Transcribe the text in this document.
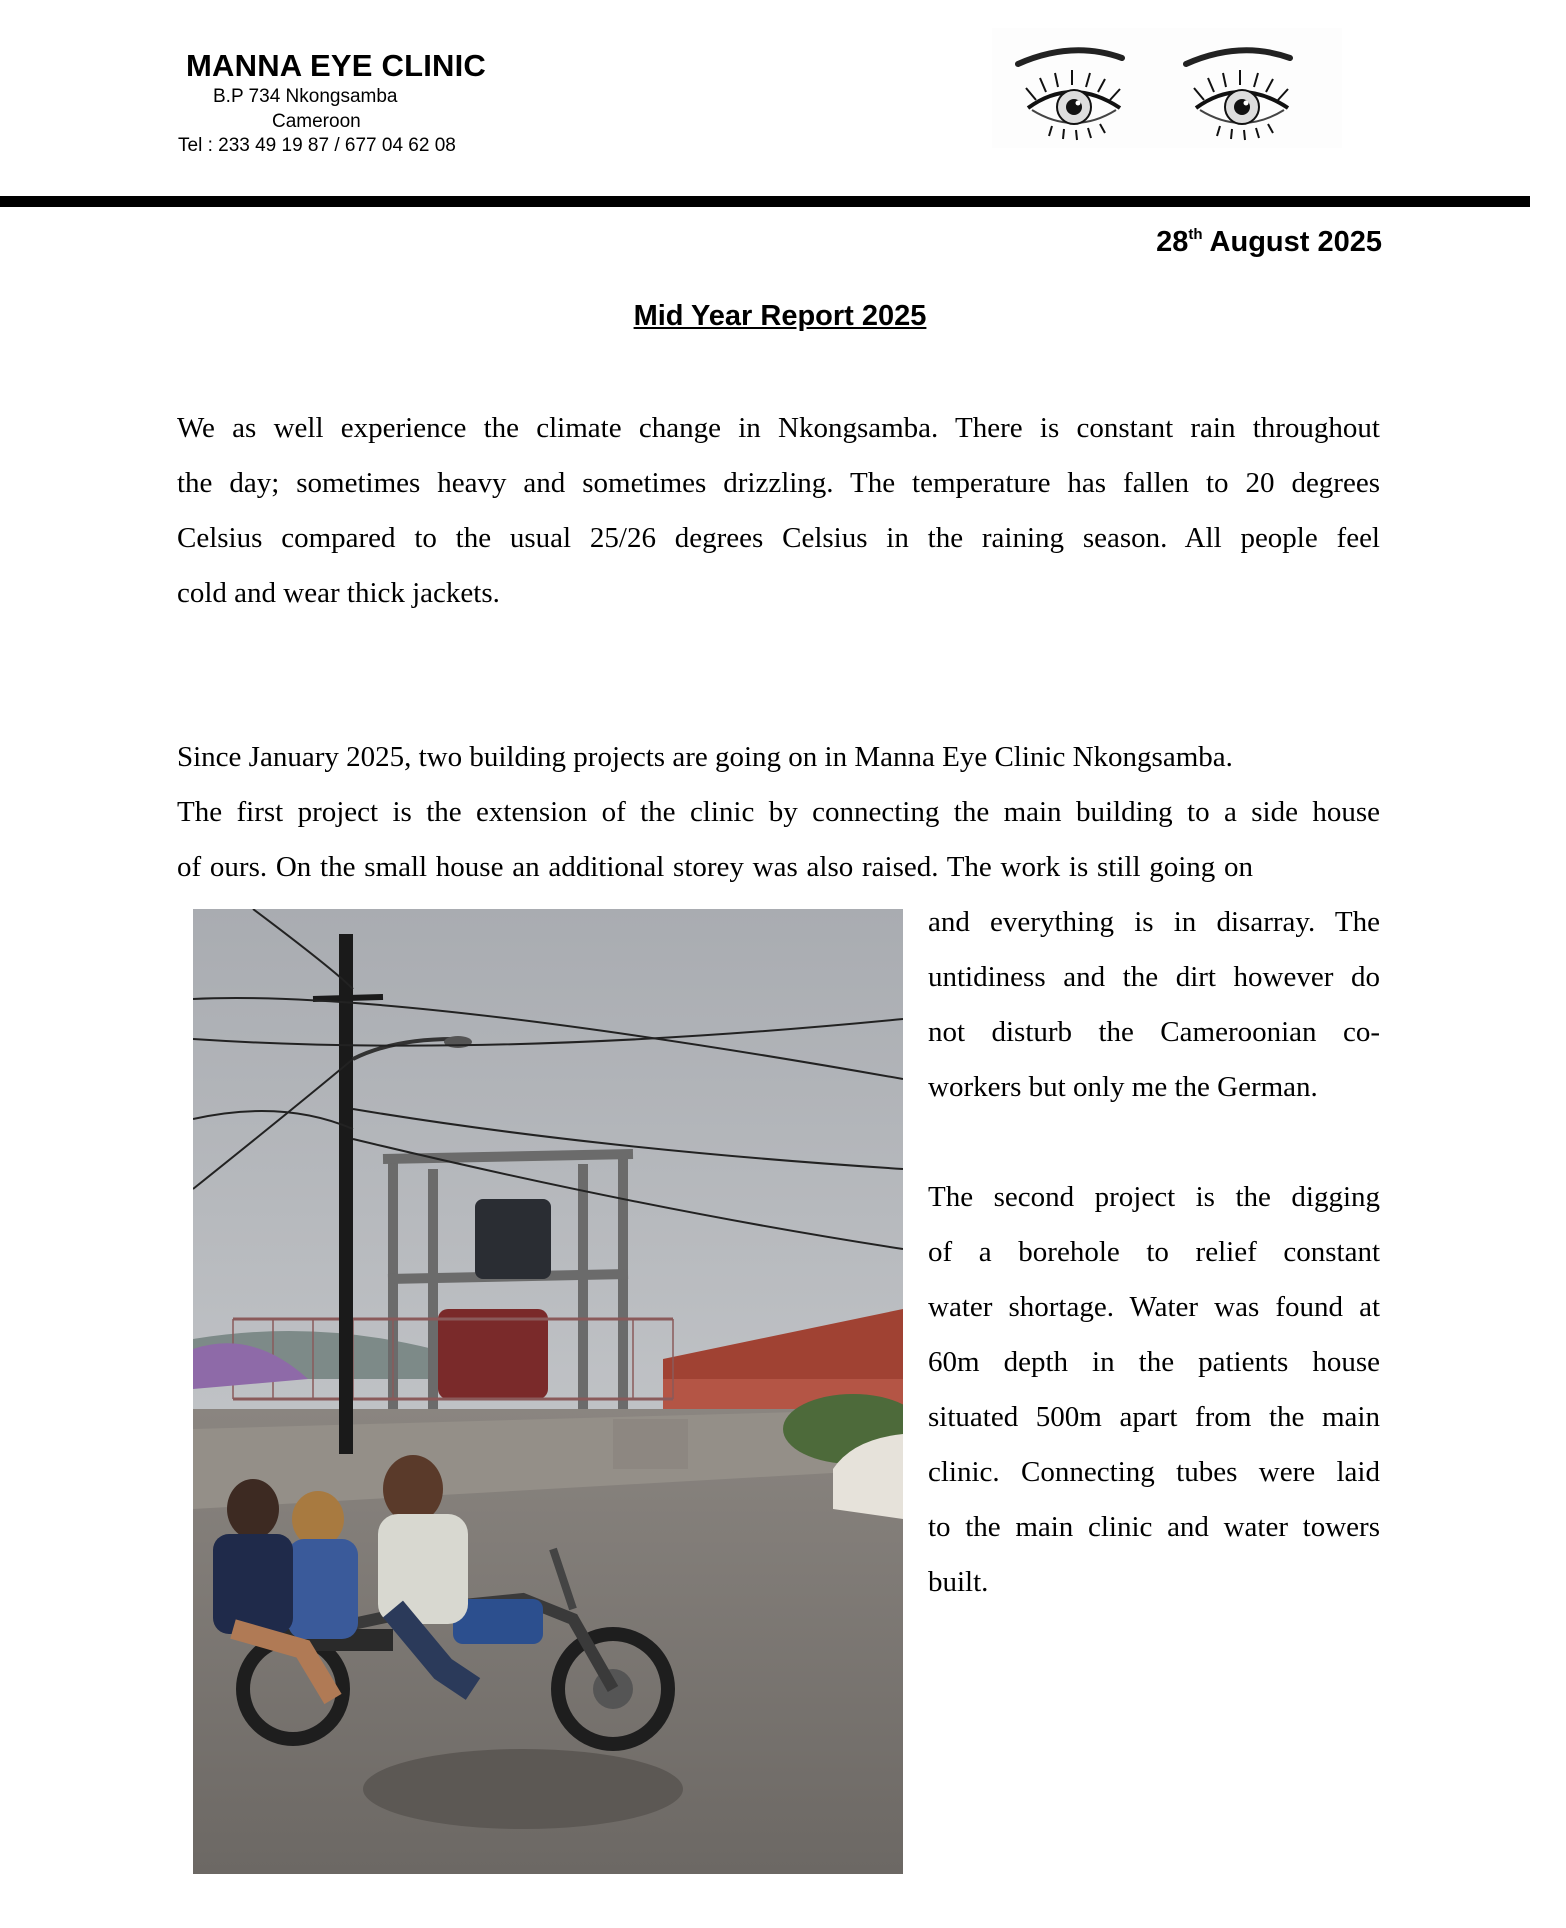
MANNA EYE CLINIC
B.P 734 Nkongsamba
Cameroon
Tel : 233 49 19 87 / 677 04 62 08
28th August 2025
Mid Year Report 2025
We as well experience the climate change in Nkongsamba. There is constant rain throughout
the day; sometimes heavy and sometimes drizzling. The temperature has fallen to 20 degrees
Celsius compared to the usual 25/26 degrees Celsius in the raining season. All people feel
cold and wear thick jackets.
Since January 2025, two building projects are going on in Manna Eye Clinic Nkongsamba.
The first project is the extension of the clinic by connecting the main building to a side house
of ours. On the small house an additional storey was also raised. The work is still going on
and everything is in disarray. The
untidiness and the dirt however do
not disturb the Cameroonian co-
workers but only me the German.
The second project is the digging
of a borehole to relief constant
water shortage. Water was found at
60m depth in the patients house
situated 500m apart from the main
clinic. Connecting tubes were laid
to the main clinic and water towers
built.
